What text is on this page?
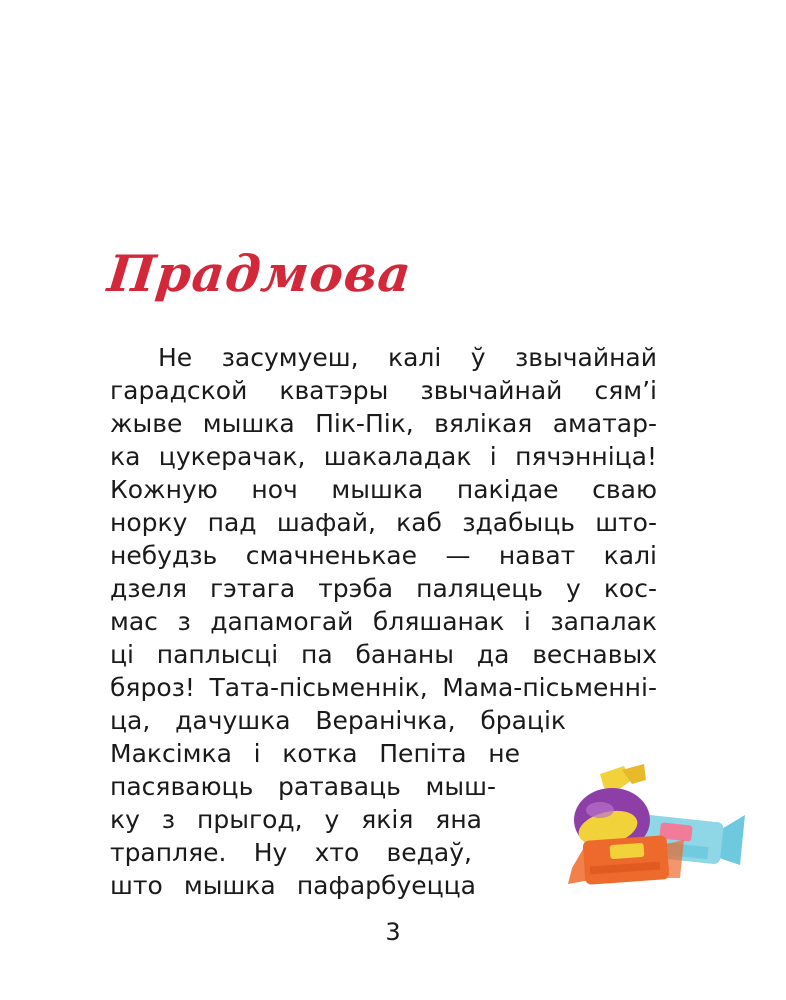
Прадмова
Не засумуеш, калі ў звычайнай
гарадской кватэры звычайнай сям’і
жыве мышка Пік-Пік, вялікая аматар-
ка цукерачак, шакаладак і пячэнніца!
Кожную ноч мышка пакідае сваю
норку пад шафай, каб здабыць што-
небудзь смачненькае — нават калі
дзеля гэтага трэба паляцець у кос-
мас з дапамогай бляшанак і запалак
ці паплысці па бананы да веснавых
бяроз! Тата-пісьменнік, Мама-пісьменні-
ца, дачушка Веранічка, брацік
Максімка і котка Пепіта не
пасяваюць ратаваць мыш-
ку з прыгод, у якія яна
трапляе. Ну хто ведаў,
што мышка пафарбуецца
3
